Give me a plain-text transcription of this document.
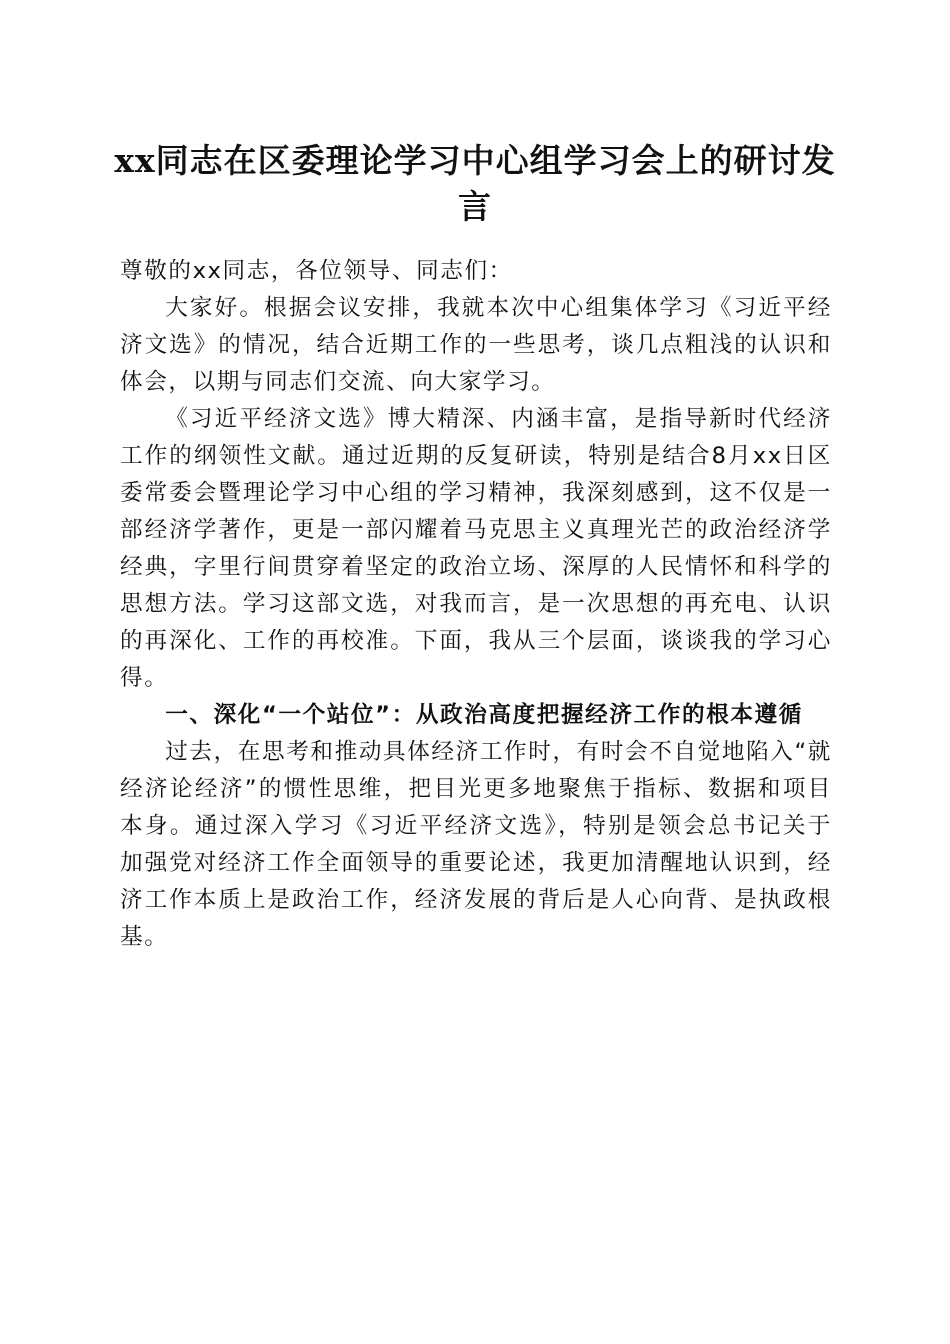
xx同志在区委理论学习中心组学习会上的研讨发言

尊敬的xx同志，各位领导、同志们：

大家好。根据会议安排，我就本次中心组集体学习《习近平经济文选》的情况，结合近期工作的一些思考，谈几点粗浅的认识和体会，以期与同志们交流、向大家学习。

《习近平经济文选》博大精深、内涵丰富，是指导新时代经济工作的纲领性文献。通过近期的反复研读，特别是结合8月xx日区委常委会暨理论学习中心组的学习精神，我深刻感到，这不仅是一部经济学著作，更是一部闪耀着马克思主义真理光芒的政治经济学经典，字里行间贯穿着坚定的政治立场、深厚的人民情怀和科学的思想方法。学习这部文选，对我而言，是一次思想的再充电、认识的再深化、工作的再校准。下面，我从三个层面，谈谈我的学习心得。

一、深化“一个站位”：从政治高度把握经济工作的根本遵循

过去，在思考和推动具体经济工作时，有时会不自觉地陷入“就经济论经济”的惯性思维，把目光更多地聚焦于指标、数据和项目本身。通过深入学习《习近平经济文选》，特别是领会总书记关于加强党对经济工作全面领导的重要论述，我更加清醒地认识到，经济工作本质上是政治工作，经济发展的背后是人心向背、是执政根基。
